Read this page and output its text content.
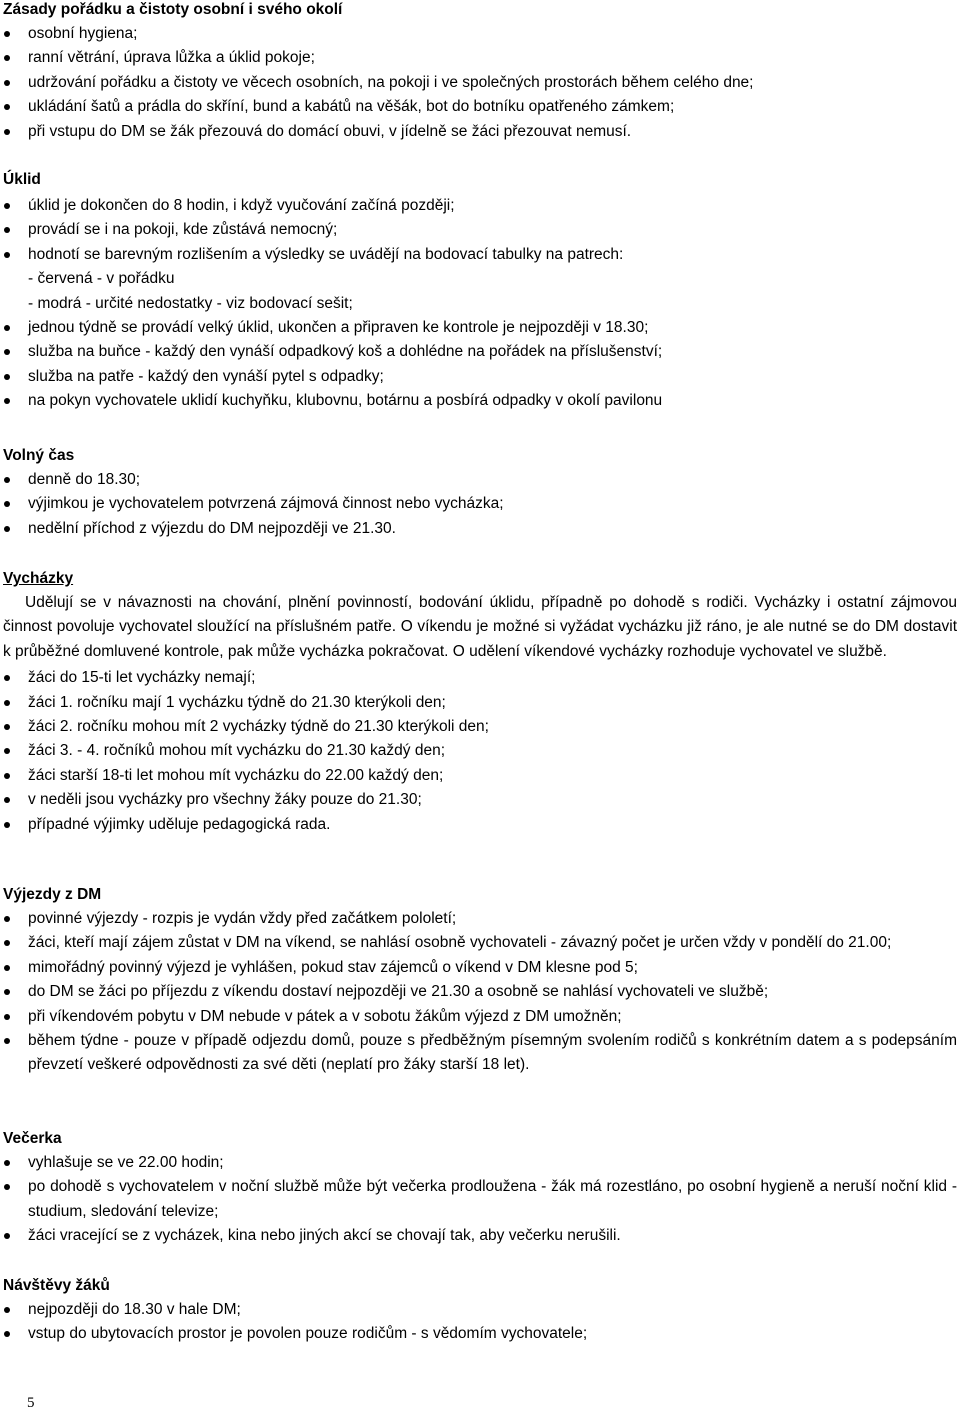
Zásady pořádku a čistoty osobní i svého okolí
osobní hygiena;
ranní větrání, úprava lůžka a úklid pokoje;
udržování pořádku a čistoty ve věcech osobních, na pokoji i ve společných prostorách během celého dne;
ukládání šatů a prádla do skříní, bund a kabátů na věšák, bot do botníku opatřeného zámkem;
při vstupu do DM se žák přezouvá do domácí obuvi, v jídelně se žáci přezouvat nemusí.
Úklid
úklid je dokončen do 8 hodin, i když vyučování začíná později;
provádí se i na pokoji, kde zůstává nemocný;
hodnotí se barevným rozlišením a výsledky se uvádějí na bodovací tabulky na patrech:
- červená - v pořádku
- modrá - určité nedostatky - viz bodovací sešit;
jednou týdně se provádí velký úklid, ukončen a připraven ke kontrole je nejpozději v 18.30;
služba na buňce - každý den vynáší odpadkový koš a dohlédne na pořádek na příslušenství;
služba na patře - každý den vynáší pytel s odpadky;
na pokyn vychovatele uklidí kuchyňku, klubovnu, botárnu a posbírá odpadky v okolí pavilonu
Volný čas
denně do 18.30;
výjimkou je vychovatelem potvrzená zájmová činnost nebo vycházka;
nedělní příchod z výjezdu do DM nejpozději ve 21.30.
Vycházky
Udělují se v návaznosti na chování, plnění povinností, bodování úklidu, případně po dohodě s rodiči. Vycházky i ostatní zájmovou činnost povoluje vychovatel sloužící na příslušném patře. O víkendu je možné si vyžádat vycházku již ráno, je ale nutné se do DM dostavit k průběžné domluvené kontrole, pak může vycházka pokračovat. O udělení víkendové vycházky rozhoduje vychovatel ve službě.
žáci do 15-ti let vycházky nemají;
žáci 1. ročníku mají 1 vycházku týdně do 21.30 kterýkoli den;
žáci 2. ročníku mohou mít 2 vycházky týdně do 21.30 kterýkoli den;
žáci 3. - 4. ročníků mohou mít vycházku do 21.30 každý den;
žáci starší 18-ti let mohou mít vycházku do 22.00 každý den;
v neděli jsou vycházky pro všechny žáky pouze do 21.30;
případné výjimky uděluje pedagogická rada.
Výjezdy z DM
povinné výjezdy - rozpis je vydán vždy před začátkem pololetí;
žáci, kteří mají zájem zůstat v DM na víkend, se nahlásí osobně vychovateli - závazný počet je určen vždy v pondělí do 21.00;
mimořádný povinný výjezd je vyhlášen, pokud stav zájemců o víkend v DM klesne pod 5;
do DM se žáci po příjezdu z víkendu dostaví nejpozději ve 21.30 a osobně se nahlásí vychovateli ve službě;
při víkendovém pobytu v DM nebude v pátek a v sobotu žákům výjezd z DM umožněn;
během týdne - pouze v případě odjezdu domů, pouze s předběžným písemným svolením rodičů s konkrétním datem a s podepsáním převzetí veškeré odpovědnosti za své děti (neplatí pro žáky starší 18 let).
Večerka
vyhlašuje se ve 22.00 hodin;
po dohodě s vychovatelem v noční službě může být večerka prodloužena - žák má rozestláno, po osobní hygieně a neruší noční klid - studium, sledování televize;
žáci vracející se z vycházek, kina nebo jiných akcí se chovají tak, aby večerku nerušili.
Návštěvy žáků
nejpozději do 18.30 v hale DM;
vstup do ubytovacích prostor je povolen pouze rodičům - s vědomím vychovatele;
5
